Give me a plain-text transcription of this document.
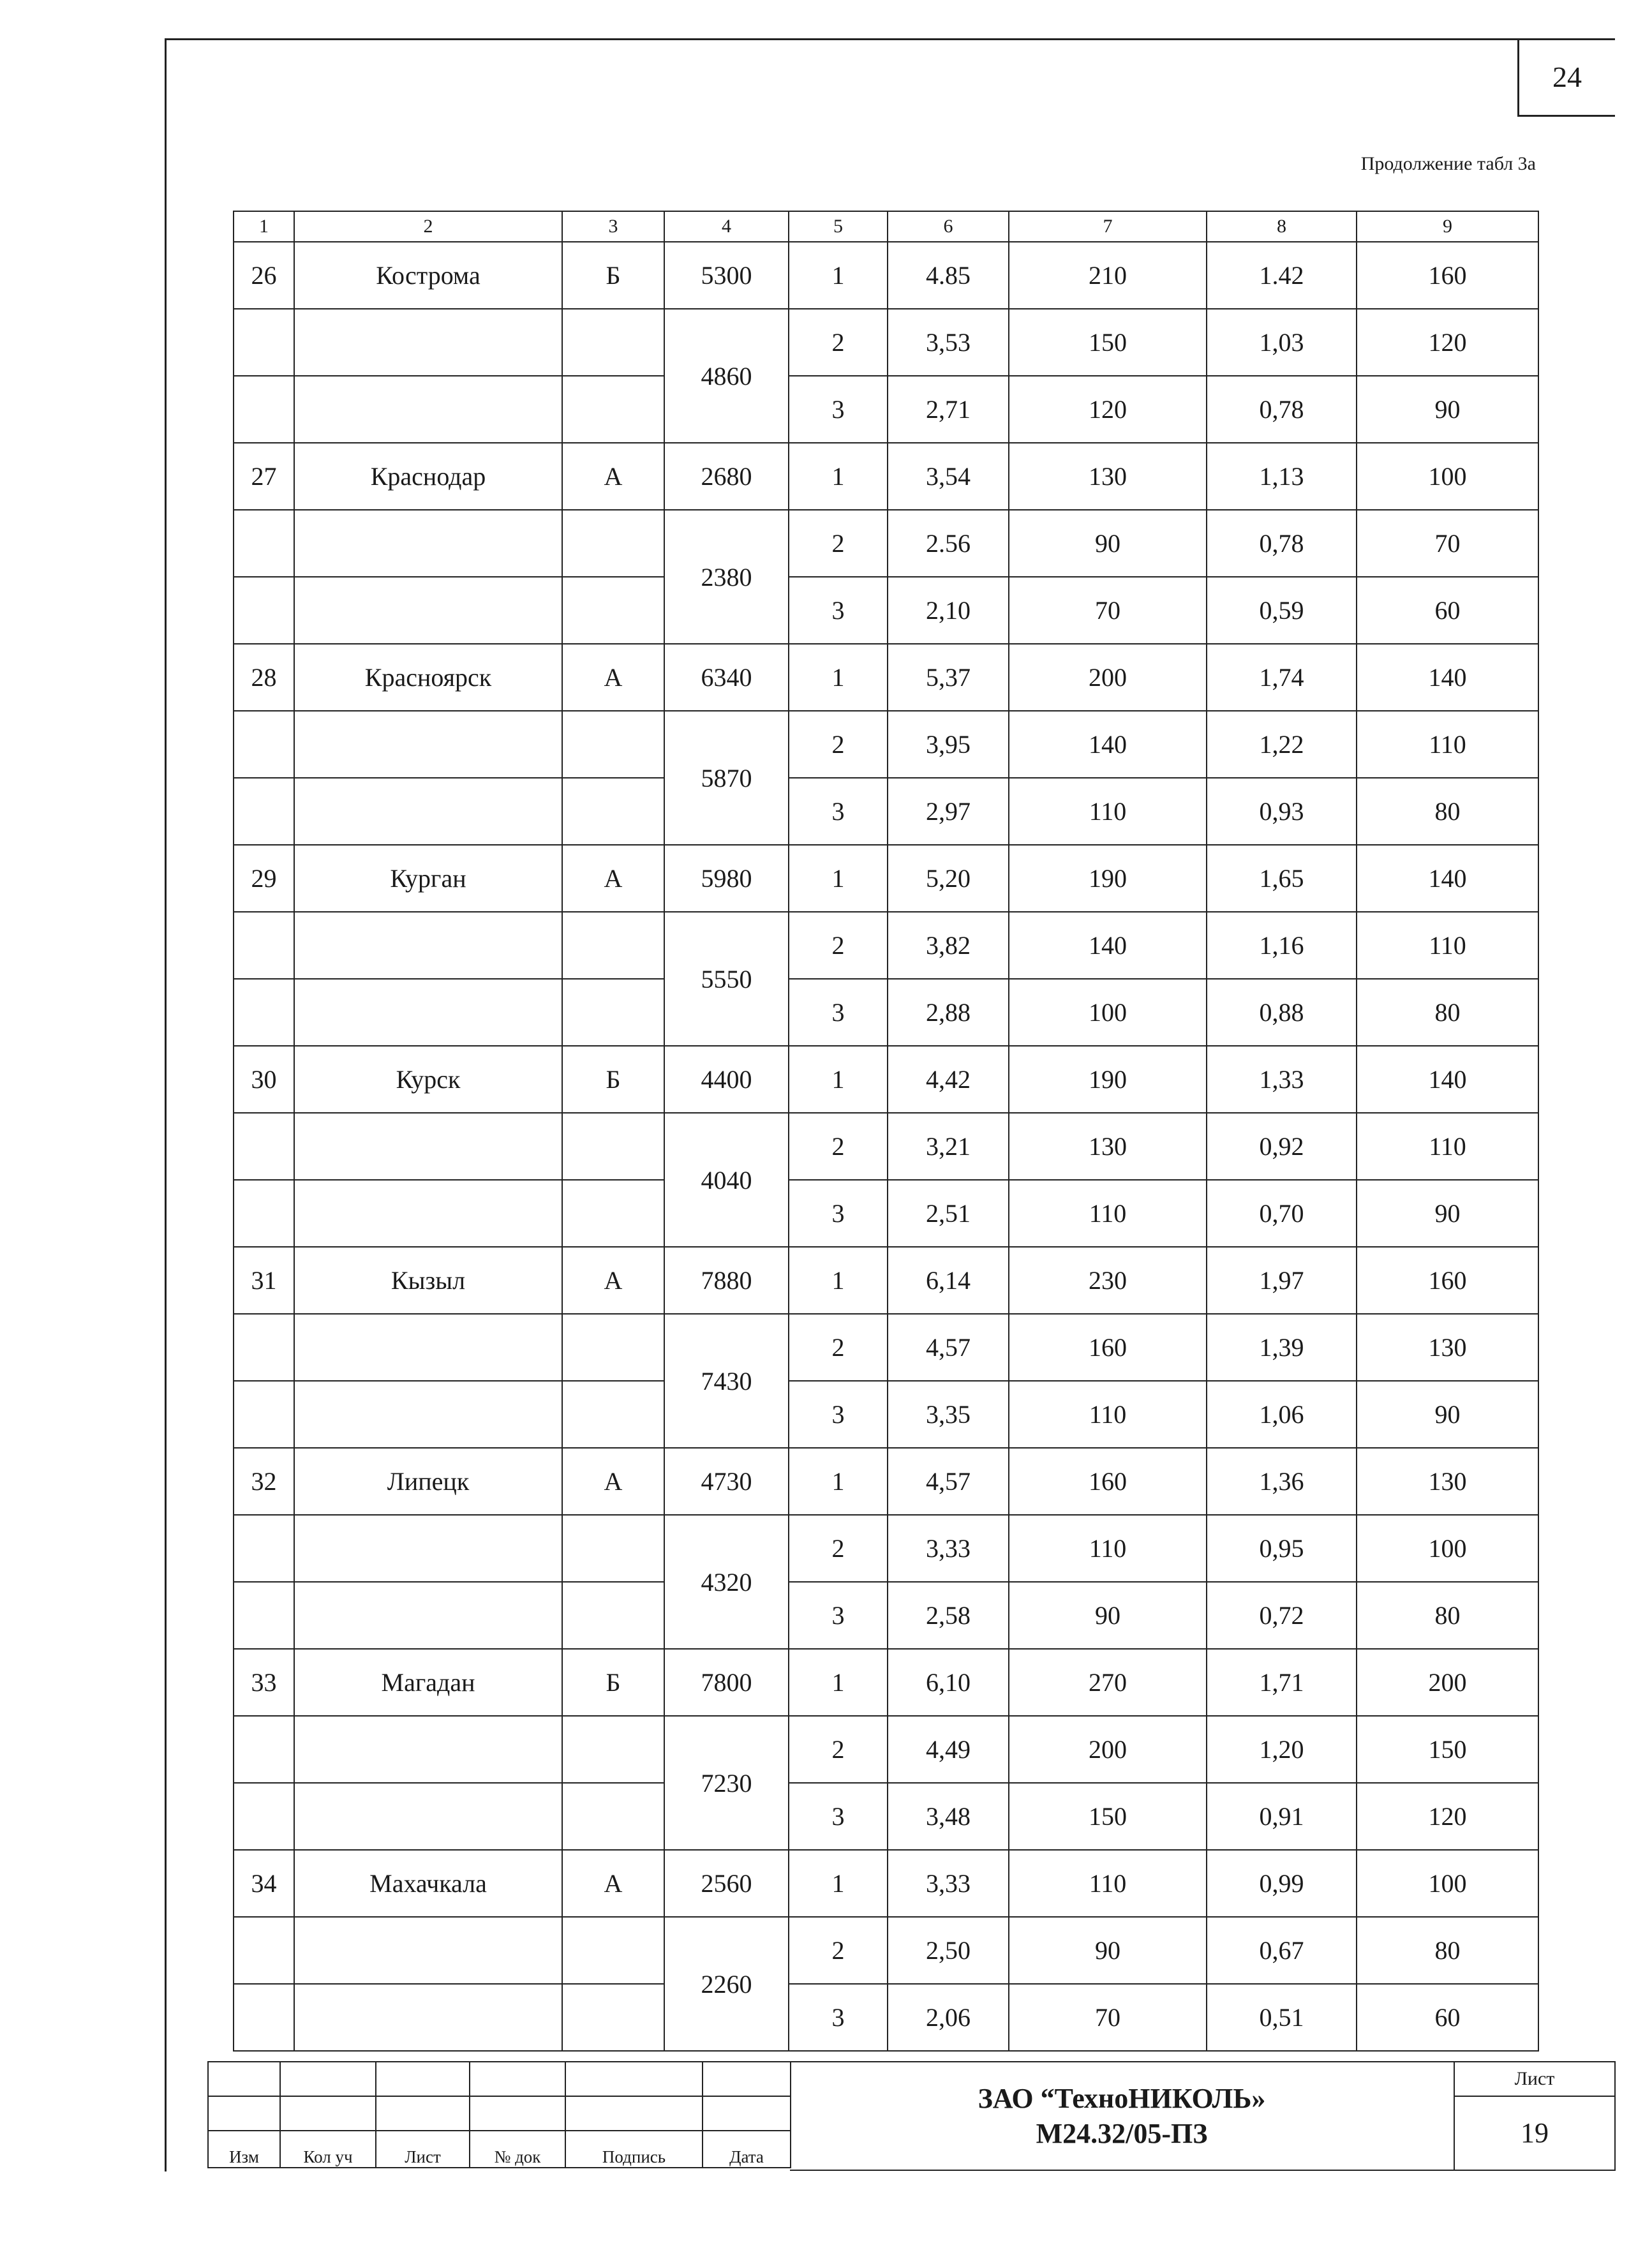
24
Продолжение табл 3а
1	2	3	4	5	6	7	8	9
26	Кострома	Б	5300	1	4.85	210	1.42	160
			4860	2	3,53	150	1,03	120
				3	2,71	120	0,78	90
27	Краснодар	А	2680	1	3,54	130	1,13	100
			2380	2	2.56	90	0,78	70
				3	2,10	70	0,59	60
28	Красноярск	А	6340	1	5,37	200	1,74	140
			5870	2	3,95	140	1,22	110
				3	2,97	110	0,93	80
29	Курган	А	5980	1	5,20	190	1,65	140
			5550	2	3,82	140	1,16	110
				3	2,88	100	0,88	80
30	Курск	Б	4400	1	4,42	190	1,33	140
			4040	2	3,21	130	0,92	110
				3	2,51	110	0,70	90
31	Кызыл	А	7880	1	6,14	230	1,97	160
			7430	2	4,57	160	1,39	130
				3	3,35	110	1,06	90
32	Липецк	А	4730	1	4,57	160	1,36	130
			4320	2	3,33	110	0,95	100
				3	2,58	90	0,72	80
33	Магадан	Б	7800	1	6,10	270	1,71	200
			7230	2	4,49	200	1,20	150
				3	3,48	150	0,91	120
34	Махачкала	А	2560	1	3,33	110	0,99	100
			2260	2	2,50	90	0,67	80
				3	2,06	70	0,51	60

Изм	Кол уч	Лист	№ док	Подпись	Дата
ЗАО “ТехноНИКОЛЬ»
М24.32/05-ПЗ
Лист
19
